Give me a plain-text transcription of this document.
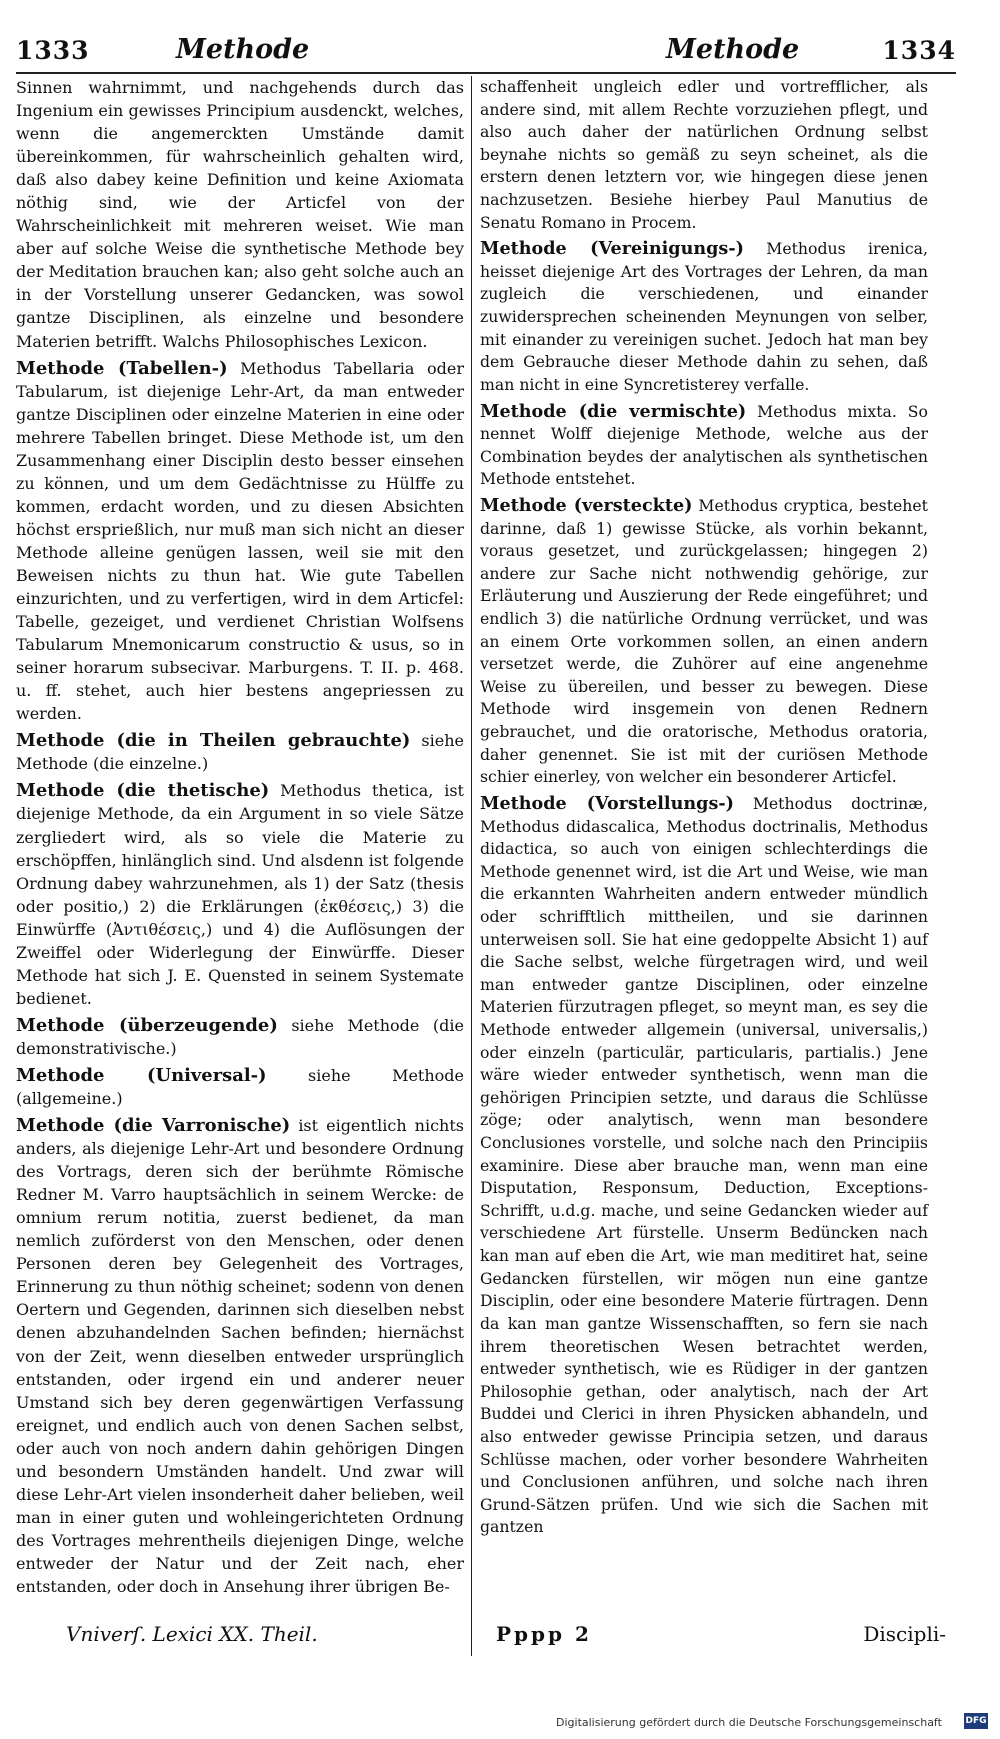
1333	Methode	Methode	1334

Sinnen wahrnimmt, und nachgehends durch das Ingenium ein gewisses Principium ausdenckt, welches, wenn die angemerckten Umstände damit übereinkommen, für wahrscheinlich gehalten wird, daß also dabey keine Definition und keine Axiomata nöthig sind, wie der Articfel von der Wahrscheinlichkeit mit mehreren weiset. Wie man aber auf solche Weise die synthetische Methode bey der Meditation brauchen kan; also geht solche auch an in der Vorstellung unserer Gedancken, was sowol gantze Disciplinen, als einzelne und besondere Materien betrifft. Walchs Philosophisches Lexicon.

Methode (Tabellen-) Methodus Tabellaria oder Tabularum, ist diejenige Lehr-Art, da man entweder gantze Disciplinen oder einzelne Materien in eine oder mehrere Tabellen bringet. Diese Methode ist, um den Zusammenhang einer Disciplin desto besser einsehen zu können, und um dem Gedächtnisse zu Hülffe zu kommen, erdacht worden, und zu diesen Absichten höchst ersprießlich, nur muß man sich nicht an dieser Methode alleine genügen lassen, weil sie mit den Beweisen nichts zu thun hat. Wie gute Tabellen einzurichten, und zu verfertigen, wird in dem Articfel: Tabelle, gezeiget, und verdienet Christian Wolfsens Tabularum Mnemonicarum constructio & usus, so in seiner horarum subsecivar. Marburgens. T. II. p. 468. u. ff. stehet, auch hier bestens angepriessen zu werden.

Methode (die in Theilen gebrauchte) siehe Methode (die einzelne.)

Methode (die thetische) Methodus thetica, ist diejenige Methode, da ein Argument in so viele Sätze zergliedert wird, als so viele die Materie zu erschöpffen, hinlänglich sind. Und alsdenn ist folgende Ordnung dabey wahrzunehmen, als 1) der Satz (thesis oder positio,) 2) die Erklärungen (ἐκθέσεις,) 3) die Einwürffe (Ἀντιθέσεις,) und 4) die Auflösungen der Zweiffel oder Widerlegung der Einwürffe. Dieser Methode hat sich J. E. Quensted in seinem Systemate bedienet.

Methode (überzeugende) siehe Methode (die demonstrativische.)

Methode (Universal-)	siehe Methode (allgemeine.)

Methode (die Varronische) ist eigentlich nichts anders, als diejenige Lehr-Art und besondere Ordnung des Vortrags, deren sich der berühmte Römische Redner M. Varro hauptsächlich in seinem Wercke: de omnium rerum notitia, zuerst bedienet, da man nemlich zuförderst von den Menschen, oder denen Personen deren bey Gelegenheit des Vortrages, Erinnerung zu thun nöthig scheinet; sodenn von denen Oertern und Gegenden, darinnen sich dieselben nebst denen abzuhandelnden Sachen befinden; hiernächst von der Zeit, wenn dieselben entweder ursprünglich entstanden, oder irgend ein und anderer neuer Umstand sich bey deren gegenwärtigen Verfassung ereignet, und endlich auch von denen Sachen selbst, oder auch von noch andern dahin gehörigen Dingen und besondern Umständen handelt. Und zwar will diese Lehr-Art vielen insonderheit daher belieben, weil man in einer guten und wohleingerichteten Ordnung des Vortrages mehrentheils diejenigen Dinge, welche entweder der Natur und der Zeit nach, eher entstanden, oder doch in Ansehung ihrer übrigen Be-

schaffenheit ungleich edler und vortrefflicher, als andere sind, mit allem Rechte vorzuziehen pflegt, und also auch daher der natürlichen Ordnung selbst beynahe nichts so gemäß zu seyn scheinet, als die erstern denen letztern vor, wie hingegen diese jenen nachzusetzen. Besiehe hierbey Paul Manutius de Senatu Romano in Procem.

Methode (Vereinigungs-) Methodus irenica, heisset diejenige Art des Vortrages der Lehren, da man zugleich die verschiedenen, und einander zuwidersprechen scheinenden Meynungen von selber, mit einander zu vereinigen suchet. Jedoch hat man bey dem Gebrauche dieser Methode dahin zu sehen, daß man nicht in eine Syncretisterey verfalle.

Methode (die vermischte) Methodus mixta. So nennet Wolff diejenige Methode, welche aus der Combination beydes der analytischen als synthetischen Methode entstehet.

Methode (versteckte) Methodus cryptica, bestehet darinne, daß 1) gewisse Stücke, als vorhin bekannt, voraus gesetzet, und zurückgelassen; hingegen 2) andere zur Sache nicht nothwendig gehörige, zur Erläuterung und Auszierung der Rede eingeführet; und endlich 3) die natürliche Ordnung verrücket, und was an einem Orte vorkommen sollen, an einen andern versetzet werde, die Zuhörer auf eine angenehme Weise zu übereilen, und besser zu bewegen. Diese Methode wird insgemein von denen Rednern gebrauchet, und die oratorische, Methodus oratoria, daher genennet. Sie ist mit der curiösen Methode schier einerley, von welcher ein besonderer Articfel.

Methode (Vorstellungs-) Methodus doctrinæ, Methodus didascalica, Methodus doctrinalis, Methodus didactica, so auch von einigen schlechterdings die Methode genennet wird, ist die Art und Weise, wie man die erkannten Wahrheiten andern entweder mündlich oder schrifftlich mittheilen, und sie darinnen unterweisen soll. Sie hat eine gedoppelte Absicht 1) auf die Sache selbst, welche fürgetragen wird, und weil man entweder gantze Disciplinen, oder einzelne Materien fürzutragen pfleget, so meynt man, es sey die Methode entweder allgemein (universal, universalis,) oder einzeln (particulär, particularis, partialis.) Jene wäre wieder entweder synthetisch, wenn man die gehörigen Principien setzte, und daraus die Schlüsse zöge; oder analytisch, wenn man besondere Conclusiones vorstelle, und solche nach den Principiis examinire. Diese aber brauche man, wenn man eine Disputation, Responsum, Deduction, Exceptions-Schrifft, u.d.g. mache, und seine Gedancken wieder auf verschiedene Art fürstelle. Unserm Bedüncken nach kan man auf eben die Art, wie man meditiret hat, seine Gedancken fürstellen, wir mögen nun eine gantze Disciplin, oder eine besondere Materie fürtragen. Denn da kan man gantze Wissenschafften, so fern sie nach ihrem theoretischen Wesen betrachtet werden, entweder synthetisch, wie es Rüdiger in der gantzen Philosophie gethan, oder analytisch, nach der Art Buddei und Clerici in ihren Physicken abhandeln, und also entweder gewisse Principia setzen, und daraus Schlüsse machen, oder vorher besondere Wahrheiten und Conclusionen anführen, und solche nach ihren Grund-Sätzen prüfen. Und wie sich die Sachen mit gantzen

Vniverſ. Lexici XX. Theil.	Pppp 2	Discipli-
Digitalisierung gefördert durch die Deutsche Forschungsgemeinschaft	DFG
